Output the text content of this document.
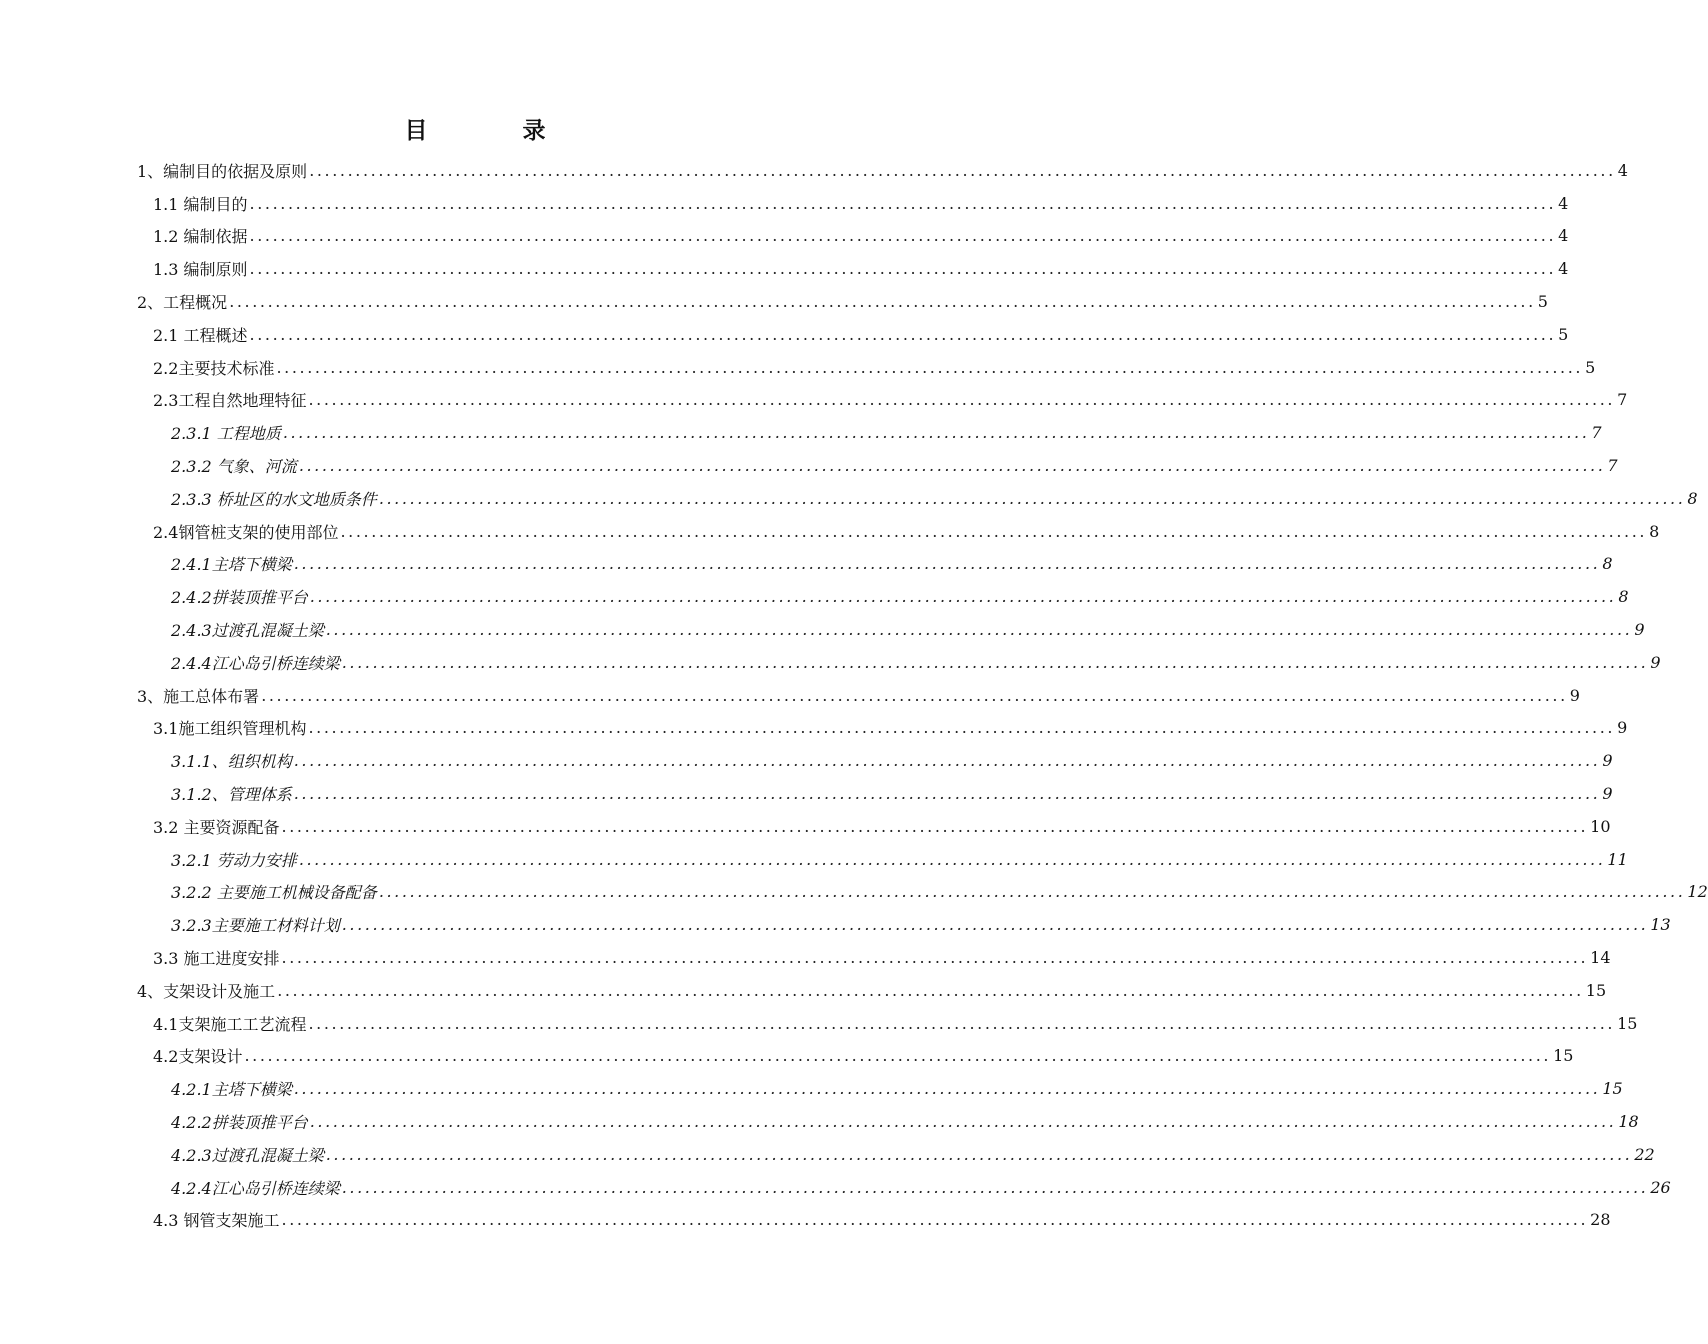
目　录
1、编制目的依据及原则 .......................................................................................................................................................................... 4
1.1 编制目的 .......................................................................................................................................................................... 4
1.2 编制依据 .......................................................................................................................................................................... 4
1.3 编制原则 .......................................................................................................................................................................... 4
2、工程概况 .......................................................................................................................................................................... 5
2.1 工程概述 .......................................................................................................................................................................... 5
2.2主要技术标准 .......................................................................................................................................................................... 5
2.3工程自然地理特征 .......................................................................................................................................................................... 7
2.3.1 工程地质 .......................................................................................................................................................................... 7
2.3.2 气象、河流 .......................................................................................................................................................................... 7
2.3.3 桥址区的水文地质条件 .......................................................................................................................................................................... 8
2.4钢管桩支架的使用部位 .......................................................................................................................................................................... 8
2.4.1主塔下横梁 .......................................................................................................................................................................... 8
2.4.2拼装顶推平台 .......................................................................................................................................................................... 8
2.4.3过渡孔混凝土梁 .......................................................................................................................................................................... 9
2.4.4江心岛引桥连续梁 .......................................................................................................................................................................... 9
3、施工总体布署 .......................................................................................................................................................................... 9
3.1施工组织管理机构 .......................................................................................................................................................................... 9
3.1.1、组织机构 .......................................................................................................................................................................... 9
3.1.2、管理体系 .......................................................................................................................................................................... 9
3.2 主要资源配备 .......................................................................................................................................................................... 10
3.2.1 劳动力安排 .......................................................................................................................................................................... 11
3.2.2 主要施工机械设备配备 .......................................................................................................................................................................... 12
3.2.3主要施工材料计划 .......................................................................................................................................................................... 13
3.3 施工进度安排 .......................................................................................................................................................................... 14
4、支架设计及施工 .......................................................................................................................................................................... 15
4.1支架施工工艺流程 .......................................................................................................................................................................... 15
4.2支架设计 .......................................................................................................................................................................... 15
4.2.1主塔下横梁 .......................................................................................................................................................................... 15
4.2.2拼装顶推平台 .......................................................................................................................................................................... 18
4.2.3过渡孔混凝土梁 .......................................................................................................................................................................... 22
4.2.4江心岛引桥连续梁 .......................................................................................................................................................................... 26
4.3 钢管支架施工 .......................................................................................................................................................................... 28
